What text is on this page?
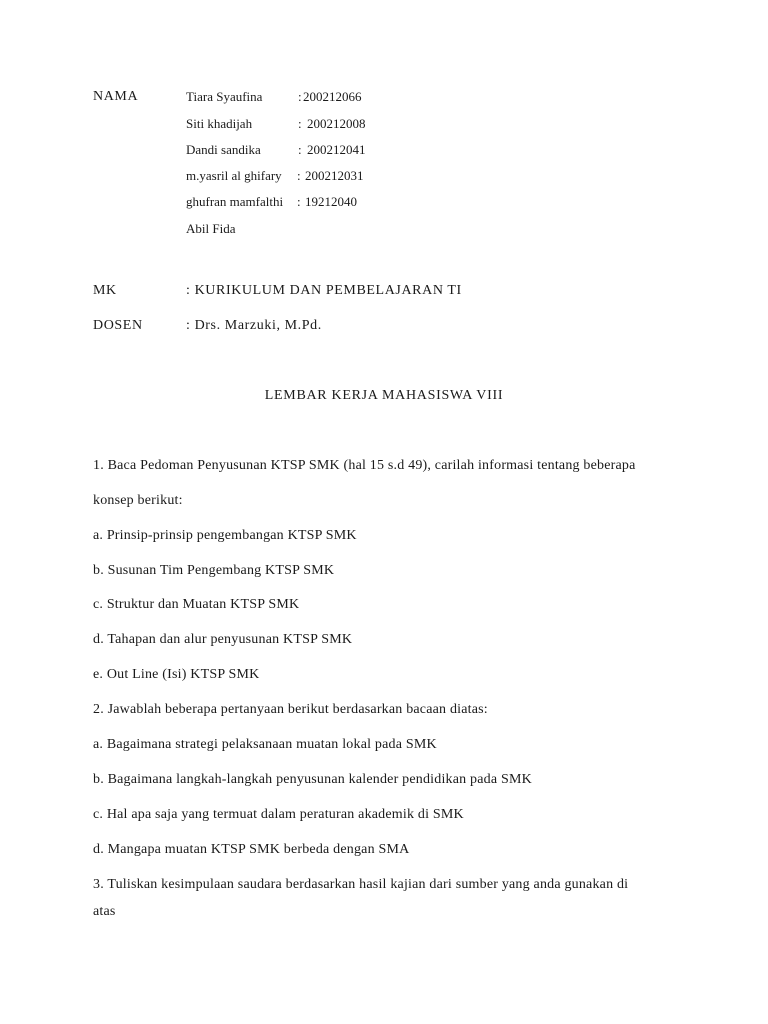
NAMA	Tiara Syaufina	: 200212066
Siti khadijah	: 200212008
Dandi sandika	: 200212041
m.yasril al ghifary : 200212031
ghufran mamfalthi : 19212040
Abil Fida
MK	: KURIKULUM DAN PEMBELAJARAN TI
DOSEN	: Drs. Marzuki, M.Pd.
LEMBAR KERJA MAHASISWA VIII
1. Baca Pedoman Penyusunan KTSP SMK (hal 15 s.d 49), carilah informasi tentang beberapa
konsep berikut:
a. Prinsip-prinsip pengembangan KTSP SMK
b. Susunan Tim Pengembang KTSP SMK
c. Struktur dan Muatan KTSP SMK
d. Tahapan dan alur penyusunan KTSP SMK
e. Out Line (Isi) KTSP SMK
2. Jawablah beberapa pertanyaan berikut berdasarkan bacaan diatas:
a. Bagaimana strategi pelaksanaan muatan lokal pada SMK
b. Bagaimana langkah-langkah penyusunan kalender pendidikan pada SMK
c. Hal apa saja yang termuat dalam peraturan akademik di SMK
d. Mangapa muatan KTSP SMK berbeda dengan SMA
3. Tuliskan kesimpulaan saudara berdasarkan hasil kajian dari sumber yang anda gunakan di
atas
